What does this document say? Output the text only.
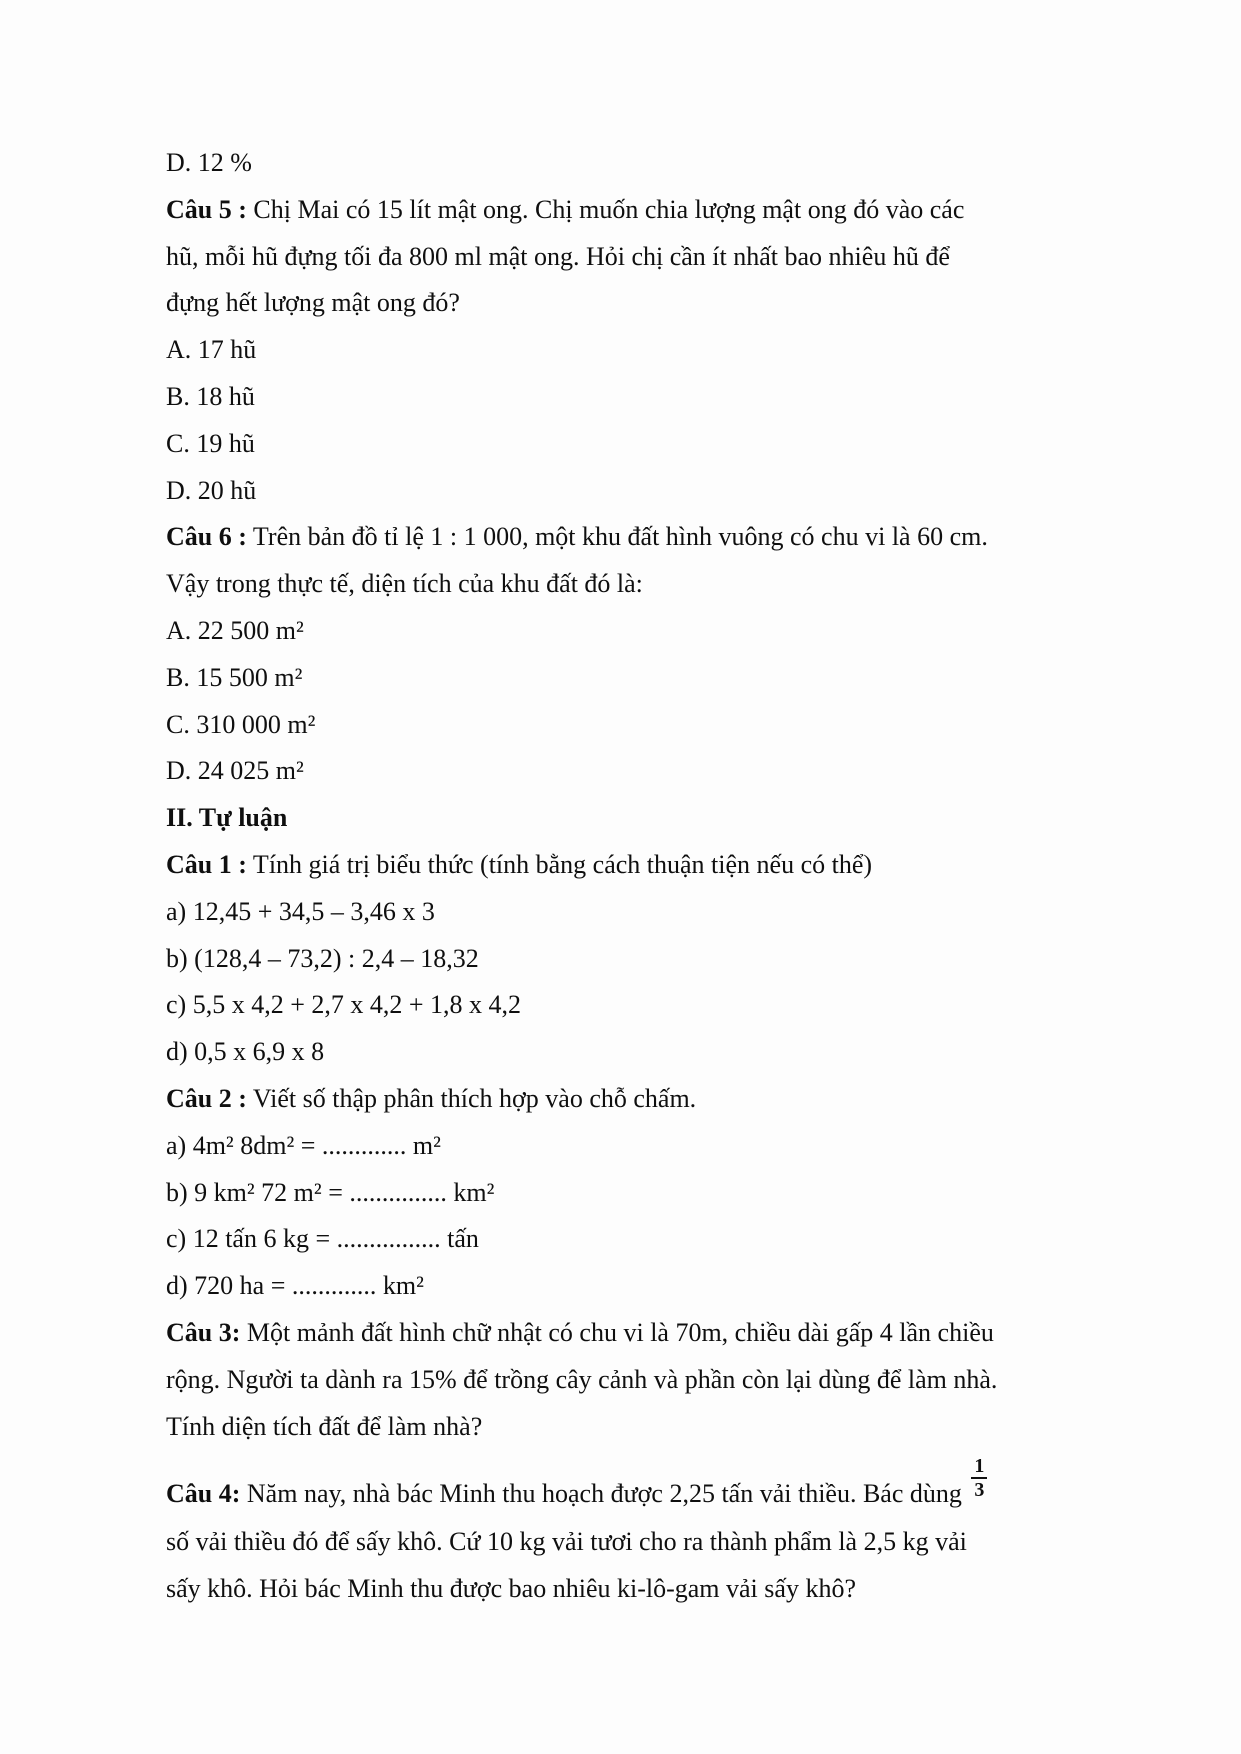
D. 12 %
Câu 5 : Chị Mai có 15 lít mật ong. Chị muốn chia lượng mật ong đó vào các
hũ, mỗi hũ đựng tối đa 800 ml mật ong. Hỏi chị cần ít nhất bao nhiêu hũ để
đựng hết lượng mật ong đó?
A. 17 hũ
B. 18 hũ
C. 19 hũ
D. 20 hũ
Câu 6 : Trên bản đồ tỉ lệ 1 : 1 000, một khu đất hình vuông có chu vi là 60 cm.
Vậy trong thực tế, diện tích của khu đất đó là:
A. 22 500 m²
B. 15 500 m²
C. 310 000 m²
D. 24 025 m²
II. Tự luận
Câu 1 : Tính giá trị biểu thức (tính bằng cách thuận tiện nếu có thể)
a) 12,45 + 34,5 – 3,46 x 3
b) (128,4 – 73,2) : 2,4 – 18,32
c) 5,5 x 4,2 + 2,7 x 4,2 + 1,8 x 4,2
d) 0,5 x 6,9 x 8
Câu 2 : Viết số thập phân thích hợp vào chỗ chấm.
a) 4m² 8dm² = ............. m²
b) 9 km² 72 m² = ............... km²
c) 12 tấn 6 kg = ................ tấn
d) 720 ha = ............. km²
Câu 3: Một mảnh đất hình chữ nhật có chu vi là 70m, chiều dài gấp 4 lần chiều
rộng. Người ta dành ra 15% để trồng cây cảnh và phần còn lại dùng để làm nhà.
Tính diện tích đất để làm nhà?
Câu 4: Năm nay, nhà bác Minh thu hoạch được 2,25 tấn vải thiều. Bác dùng $\frac{1}{3}$
số vải thiều đó để sấy khô. Cứ 10 kg vải tươi cho ra thành phẩm là 2,5 kg vải
sấy khô. Hỏi bác Minh thu được bao nhiêu ki-lô-gam vải sấy khô?
